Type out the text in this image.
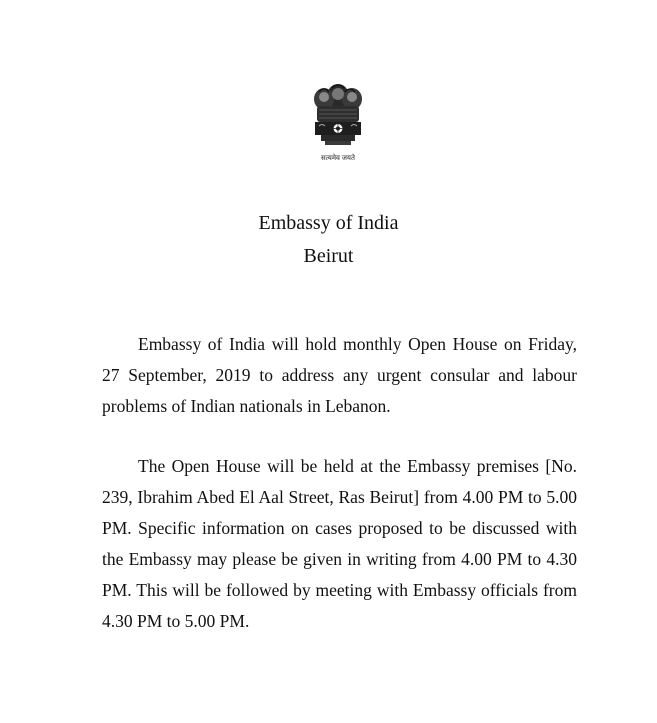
सत्यमेव जयते
Embassy of India
Beirut

Embassy of India will hold monthly Open House on Friday, 27 September, 2019 to address any urgent consular and labour problems of Indian nationals in Lebanon.

The Open House will be held at the Embassy premises [No. 239, Ibrahim Abed El Aal Street, Ras Beirut] from 4.00 PM to 5.00 PM. Specific information on cases proposed to be discussed with the Embassy may please be given in writing from 4.00 PM to 4.30 PM. This will be followed by meeting with Embassy officials from 4.30 PM to 5.00 PM.
